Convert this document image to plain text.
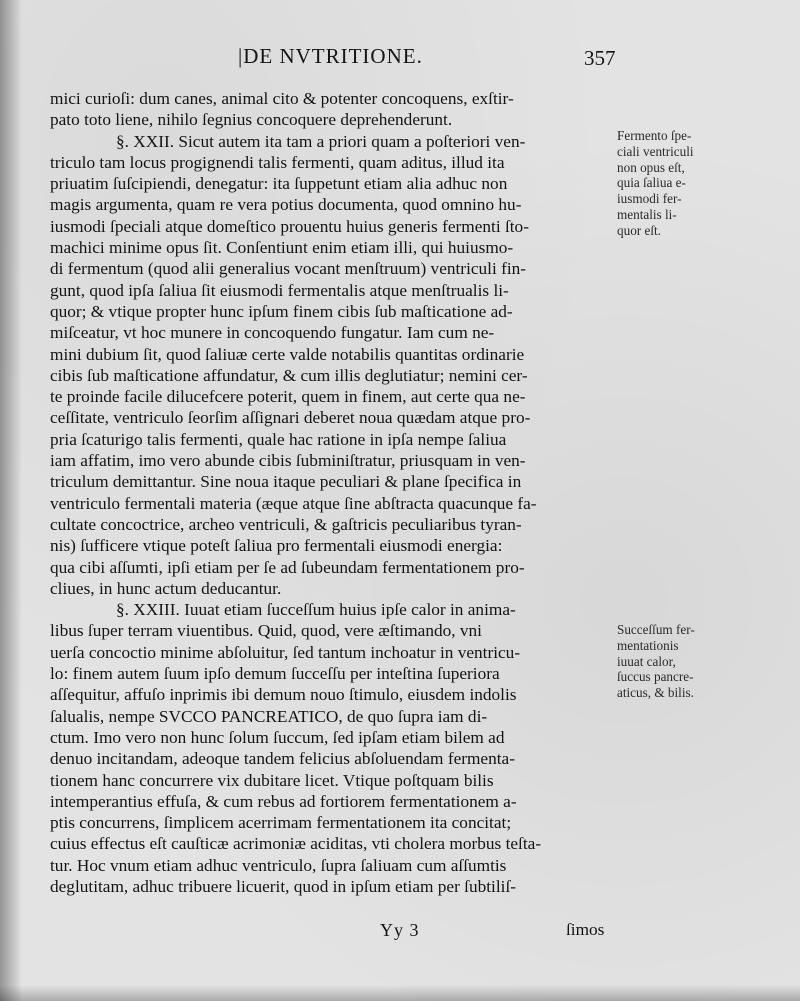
|DE NVTRITIONE.	357
mici curioſi: dum canes, animal cito & potenter concoquens, exſtir-
pato toto liene, nihilo ſegnius concoquere deprehenderunt.
§. XXII. Sicut autem ita tam a priori quam a poſteriori ven-
triculo tam locus progignendi talis fermenti, quam aditus, illud ita
priuatim ſuſcipiendi, denegatur: ita ſuppetunt etiam alia adhuc non
magis argumenta, quam re vera potius documenta, quod omnino hu-
iusmodi ſpeciali atque domeſtico prouentu huius generis fermenti ſto-
machici minime opus ſit. Conſentiunt enim etiam illi, qui huiusmo-
di fermentum (quod alii generalius vocant menſtruum) ventriculi fin-
gunt, quod ipſa ſaliua ſit eiusmodi fermentalis atque menſtrualis li-
quor; & vtique propter hunc ipſum finem cibis ſub maſticatione ad-
miſceatur, vt hoc munere in concoquendo fungatur. Iam cum ne-
mini dubium ſit, quod ſaliuæ certe valde notabilis quantitas ordinarie
cibis ſub maſticatione affundatur, & cum illis deglutiatur; nemini cer-
te proinde facile dilucefcere poterit, quem in finem, aut certe qua ne-
ceſſitate, ventriculo ſeorſim aſſignari deberet noua quædam atque pro-
pria ſcaturigo talis fermenti, quale hac ratione in ipſa nempe ſaliua
iam affatim, imo vero abunde cibis ſubminiſtratur, priusquam in ven-
triculum demittantur. Sine noua itaque peculiari & plane ſpecifica in
ventriculo fermentali materia (æque atque ſine abſtracta quacunque fa-
cultate concoctrice, archeo ventriculi, & gaſtricis peculiaribus tyran-
nis) ſufficere vtique poteſt ſaliua pro fermentali eiusmodi energia:
qua cibi aſſumti, ipſi etiam per ſe ad ſubeundam fermentationem pro-
cliues, in hunc actum deducantur.
§. XXIII. Iuuat etiam ſucceſſum huius ipſe calor in anima-
libus ſuper terram viuentibus. Quid, quod, vere æſtimando, vni
uerſa concoctio minime abſoluitur, ſed tantum inchoatur in ventricu-
lo: finem autem ſuum ipſo demum ſucceſſu per inteſtina ſuperiora
aſſequitur, affuſo inprimis ibi demum nouo ſtimulo, eiusdem indolis
ſalualis, nempe SVCCO PANCREATICO, de quo ſupra iam di-
ctum. Imo vero non hunc ſolum ſuccum, ſed ipſam etiam bilem ad
denuo incitandam, adeoque tandem felicius abſoluendam fermenta-
tionem hanc concurrere vix dubitare licet. Vtique poſtquam bilis
intemperantius effuſa, & cum rebus ad fortiorem fermentationem a-
ptis concurrens, ſimplicem acerrimam fermentationem ita concitat;
cuius effectus eſt cauſticæ acrimoniæ aciditas, vti cholera morbus teſta-
tur. Hoc vnum etiam adhuc ventriculo, ſupra ſaliuam cum aſſumtis
deglutitam, adhuc tribuere licuerit, quod in ipſum etiam per ſubtiliſ-
Fermento ſpe-
ciali ventriculi
non opus eſt,
quia ſaliua e-
iusmodi fer-
mentalis li-
quor eſt.
Succeſſum fer-
mentationis
iuuat calor,
ſuccus pancre-
aticus, & bilis.
Yy 3	ſimos
